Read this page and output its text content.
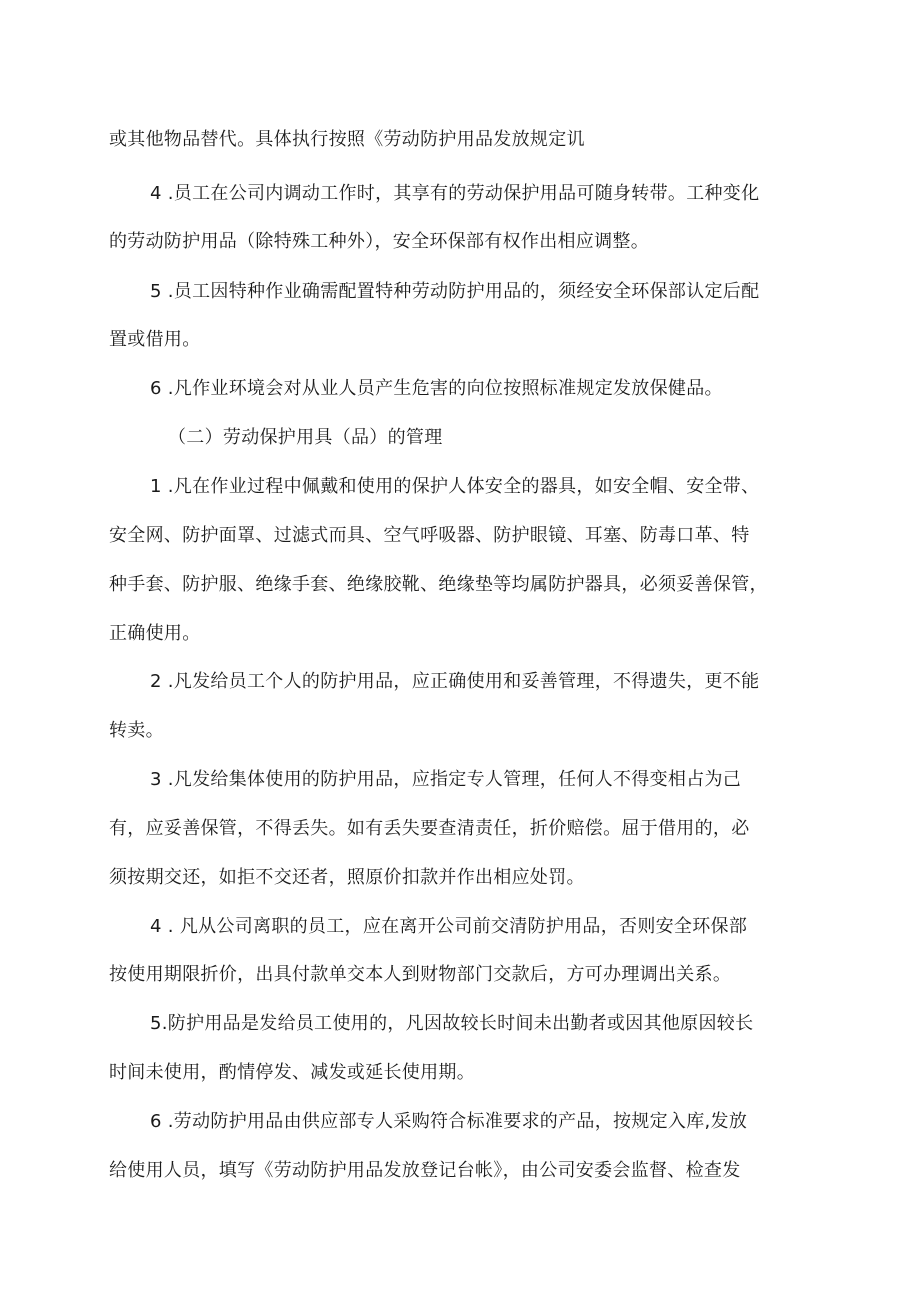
或其他物品替代。具体执行按照《劳动防护用品发放规定讥
4 .员工在公司内调动工作时，其享有的劳动保护用品可随身转带。工种变化
的劳动防护用品（除特殊工种外），安全环保部有权作出相应调整。
5 .员工因特种作业确需配置特种劳动防护用品的，须经安全环保部认定后配
置或借用。
6 .凡作业环境会对从业人员产生危害的向位按照标准规定发放保健品。
（二）劳动保护用具（品）的管理
1 .凡在作业过程中佩戴和使用的保护人体安全的器具，如安全帽、安全带、
安全网、防护面罩、过滤式而具、空气呼吸器、防护眼镜、耳塞、防毒口革、特
种手套、防护服、绝缘手套、绝缘胶靴、绝缘垫等均属防护器具，必须妥善保管，
正确使用。
2 .凡发给员工个人的防护用品，应正确使用和妥善管理，不得遗失，更不能
转卖。
3 .凡发给集体使用的防护用品，应指定专人管理，任何人不得变相占为己
有，应妥善保管，不得丢失。如有丢失要查清责任，折价赔偿。屈于借用的，必
须按期交还，如拒不交还者，照原价扣款并作出相应处罚。
4 . 凡从公司离职的员工，应在离开公司前交清防护用品，否则安全环保部
按使用期限折价，出具付款单交本人到财物部门交款后，方可办理调出关系。
5.防护用品是发给员工使用的，凡因故较长时间未出勤者或因其他原因较长
时间未使用，酌情停发、减发或延长使用期。
6 .劳动防护用品由供应部专人采购符合标准要求的产品，按规定入库,发放
给使用人员，填写《劳动防护用品发放登记台帐》，由公司安委会监督、检查发
